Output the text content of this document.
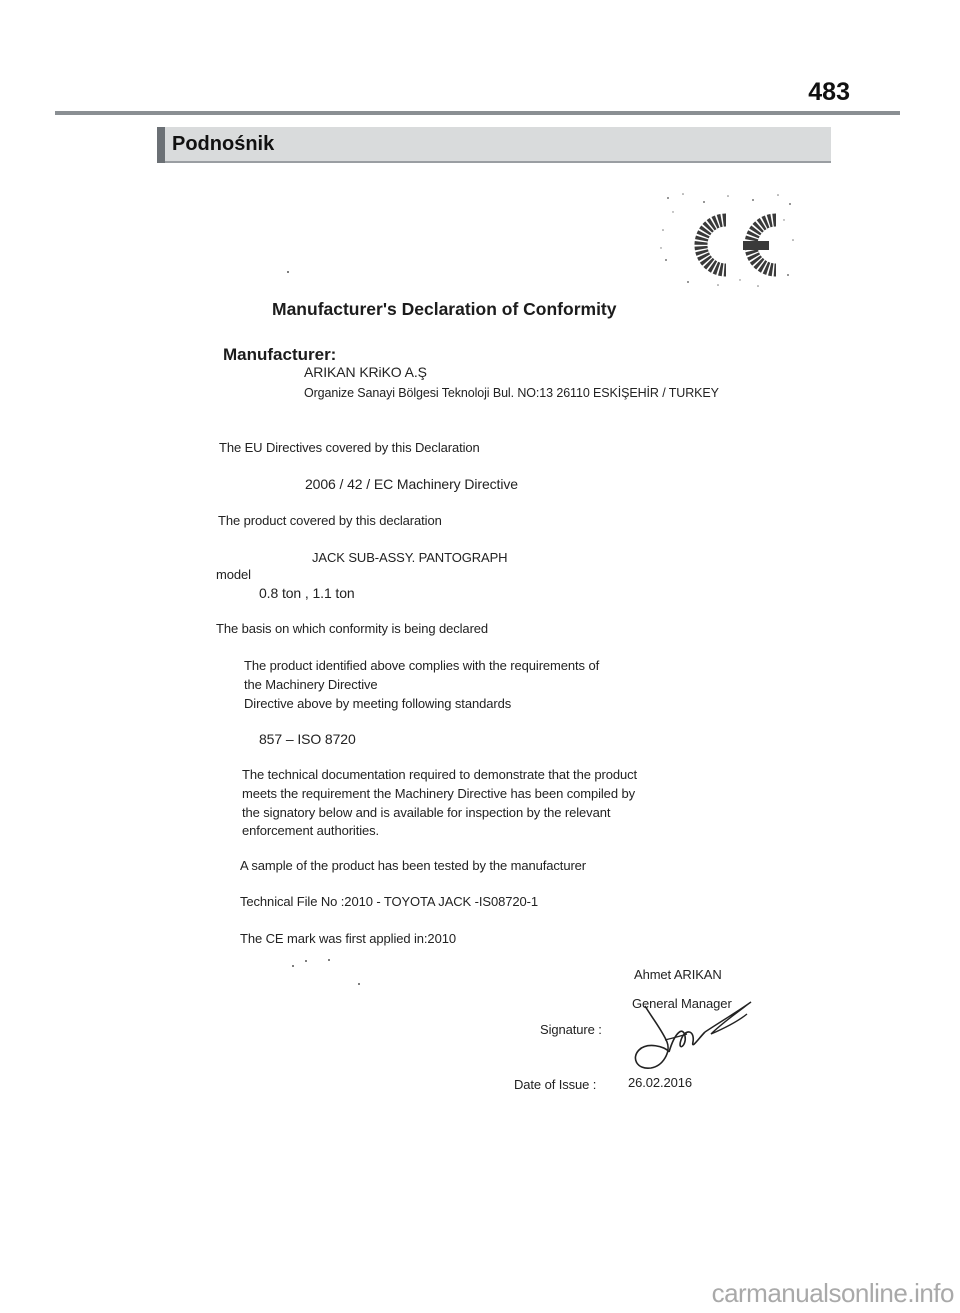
483
Podnośnik
Manufacturer's Declaration of Conformity
Manufacturer:
ARIKAN KRiKO A.Ş
Organize Sanayi Bölgesi Teknoloji Bul. NO:13 26110 ESKİŞEHİR / TURKEY
The EU Directives covered by this Declaration
2006 / 42 / EC Machinery Directive
The product covered by this declaration
JACK SUB-ASSY. PANTOGRAPH
model
0.8 ton , 1.1 ton
The basis on which conformity is being declared
The product identified above complies with the requirements of
the Machinery Directive
Directive above by meeting following standards
857 – ISO 8720
The technical documentation required to demonstrate that the product
meets the requirement the Machinery Directive has been compiled by
the signatory below and is available for inspection by the relevant
enforcement authorities.
A sample of the product has been tested by the manufacturer
Technical File No :2010 - TOYOTA JACK -IS08720-1
The CE mark was first applied in:2010
Ahmet ARIKAN
General Manager
Signature :
Date of Issue : 26.02.2016
carmanualsonline.info
